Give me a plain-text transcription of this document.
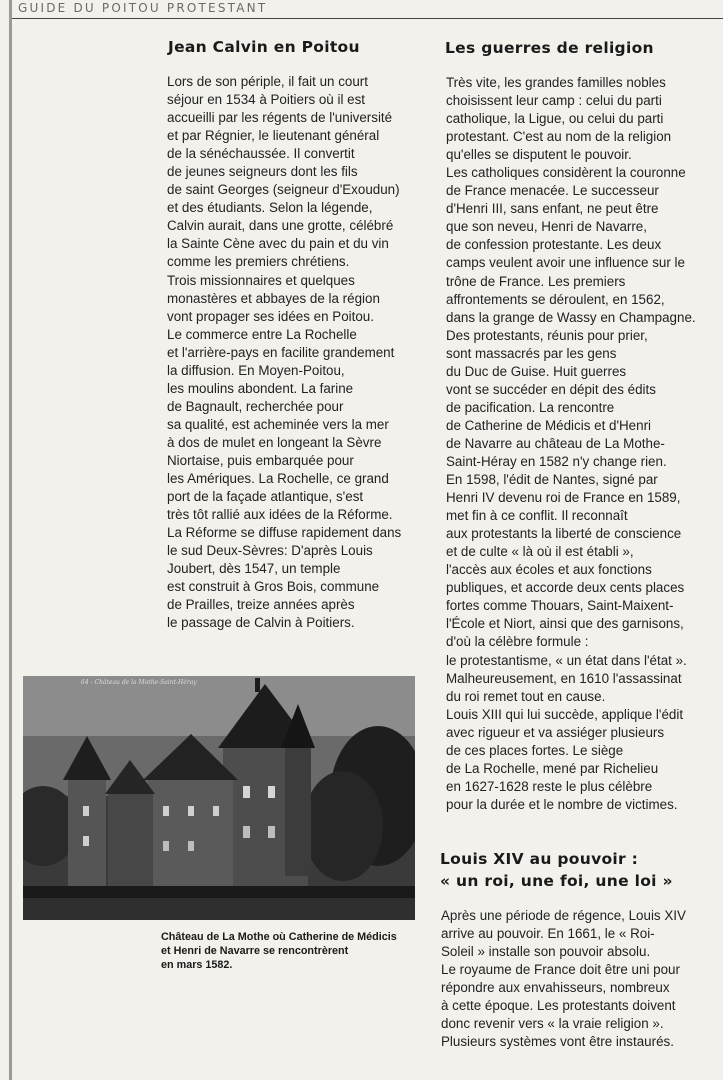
GUIDE DU POITOU PROTESTANT
Jean Calvin en Poitou
Lors de son périple, il fait un court
séjour en 1534 à Poitiers où il est
accueilli par les régents de l'université
et par Régnier, le lieutenant général
de la sénéchaussée. Il convertit
de jeunes seigneurs dont les fils
de saint Georges (seigneur d'Exoudun)
et des étudiants. Selon la légende,
Calvin aurait, dans une grotte, célébré
la Sainte Cène avec du pain et du vin
comme les premiers chrétiens.
Trois missionnaires et quelques
monastères et abbayes de la région
vont propager ses idées en Poitou.
Le commerce entre La Rochelle
et l'arrière-pays en facilite grandement
la diffusion. En Moyen-Poitou,
les moulins abondent. La farine
de Bagnault, recherchée pour
sa qualité, est acheminée vers la mer
à dos de mulet en longeant la Sèvre
Niortaise, puis embarquée pour
les Amériques. La Rochelle, ce grand
port de la façade atlantique, s'est
très tôt rallié aux idées de la Réforme.
La Réforme se diffuse rapidement dans
le sud Deux-Sèvres: D'après Louis
Joubert, dès 1547, un temple
est construit à Gros Bois, commune
de Prailles, treize années après
le passage de Calvin à Poitiers.
64 - Château de la Mothe-Saint-Héray
Château de La Mothe où Catherine de Médicis
et Henri de Navarre se rencontrèrent
en mars 1582.
Les guerres de religion
Très vite, les grandes familles nobles
choisissent leur camp : celui du parti
catholique, la Ligue, ou celui du parti
protestant. C'est au nom de la religion
qu'elles se disputent le pouvoir.
Les catholiques considèrent la couronne
de France menacée. Le successeur
d'Henri III, sans enfant, ne peut être
que son neveu, Henri de Navarre,
de confession protestante. Les deux
camps veulent avoir une influence sur le
trône de France. Les premiers
affrontements se déroulent, en 1562,
dans la grange de Wassy en Champagne.
Des protestants, réunis pour prier,
sont massacrés par les gens
du Duc de Guise. Huit guerres
vont se succéder en dépit des édits
de pacification. La rencontre
de Catherine de Médicis et d'Henri
de Navarre au château de La Mothe-
Saint-Héray en 1582 n'y change rien.
En 1598, l'édit de Nantes, signé par
Henri IV devenu roi de France en 1589,
met fin à ce conflit. Il reconnaît
aux protestants la liberté de conscience
et de culte « là où il est établi »,
l'accès aux écoles et aux fonctions
publiques, et accorde deux cents places
fortes comme Thouars, Saint-Maixent-
l'École et Niort, ainsi que des garnisons,
d'où la célèbre formule :
le protestantisme, « un état dans l'état ».
Malheureusement, en 1610 l'assassinat
du roi remet tout en cause.
Louis XIII qui lui succède, applique l'édit
avec rigueur et va assiéger plusieurs
de ces places fortes. Le siège
de La Rochelle, mené par Richelieu
en 1627-1628 reste le plus célèbre
pour la durée et le nombre de victimes.
Louis XIV au pouvoir :
« un roi, une foi, une loi »
Après une période de régence, Louis XIV
arrive au pouvoir. En 1661, le « Roi-
Soleil » installe son pouvoir absolu.
Le royaume de France doit être uni pour
répondre aux envahisseurs, nombreux
à cette époque. Les protestants doivent
donc revenir vers « la vraie religion ».
Plusieurs systèmes vont être instaurés.
